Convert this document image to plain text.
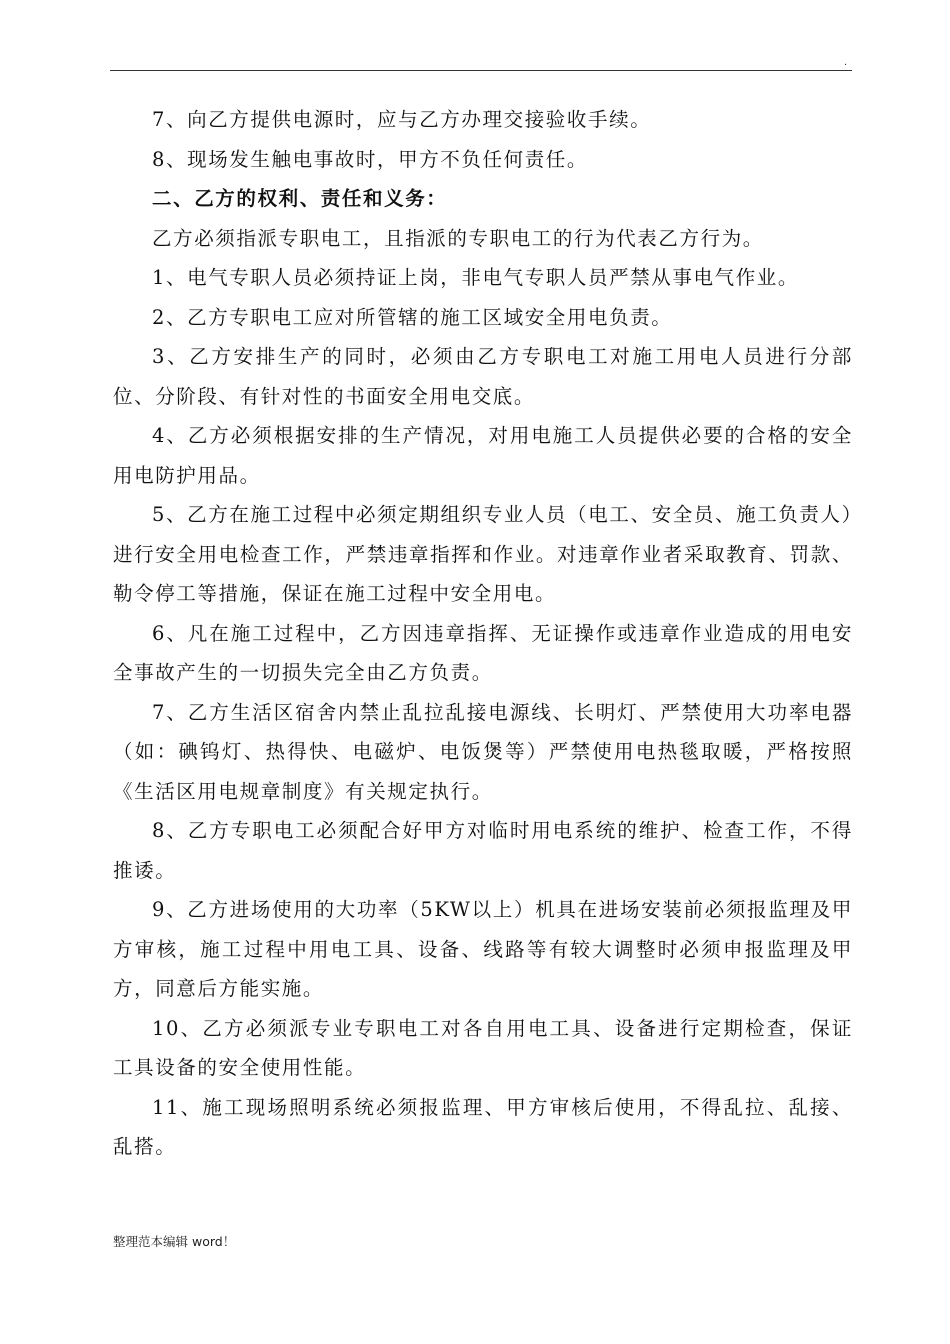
.

7、向乙方提供电源时，应与乙方办理交接验收手续。

8、现场发生触电事故时，甲方不负任何责任。

二、乙方的权利、责任和义务：

乙方必须指派专职电工，且指派的专职电工的行为代表乙方行为。

1、电气专职人员必须持证上岗，非电气专职人员严禁从事电气作业。

2、乙方专职电工应对所管辖的施工区域安全用电负责。

3、乙方安排生产的同时，必须由乙方专职电工对施工用电人员进行分部位、分阶段、有针对性的书面安全用电交底。

4、乙方必须根据安排的生产情况，对用电施工人员提供必要的合格的安全用电防护用品。

5、乙方在施工过程中必须定期组织专业人员（电工、安全员、施工负责人）进行安全用电检查工作，严禁违章指挥和作业。对违章作业者采取教育、罚款、勒令停工等措施，保证在施工过程中安全用电。

6、凡在施工过程中，乙方因违章指挥、无证操作或违章作业造成的用电安全事故产生的一切损失完全由乙方负责。

7、乙方生活区宿舍内禁止乱拉乱接电源线、长明灯、严禁使用大功率电器（如：碘钨灯、热得快、电磁炉、电饭煲等）严禁使用电热毯取暖，严格按照《生活区用电规章制度》有关规定执行。

8、乙方专职电工必须配合好甲方对临时用电系统的维护、检查工作，不得推诿。

9、乙方进场使用的大功率（5KW以上）机具在进场安装前必须报监理及甲方审核，施工过程中用电工具、设备、线路等有较大调整时必须申报监理及甲方，同意后方能实施。

10、乙方必须派专业专职电工对各自用电工具、设备进行定期检查，保证工具设备的安全使用性能。

11、施工现场照明系统必须报监理、甲方审核后使用，不得乱拉、乱接、乱搭。

整理范本编辑 word！
